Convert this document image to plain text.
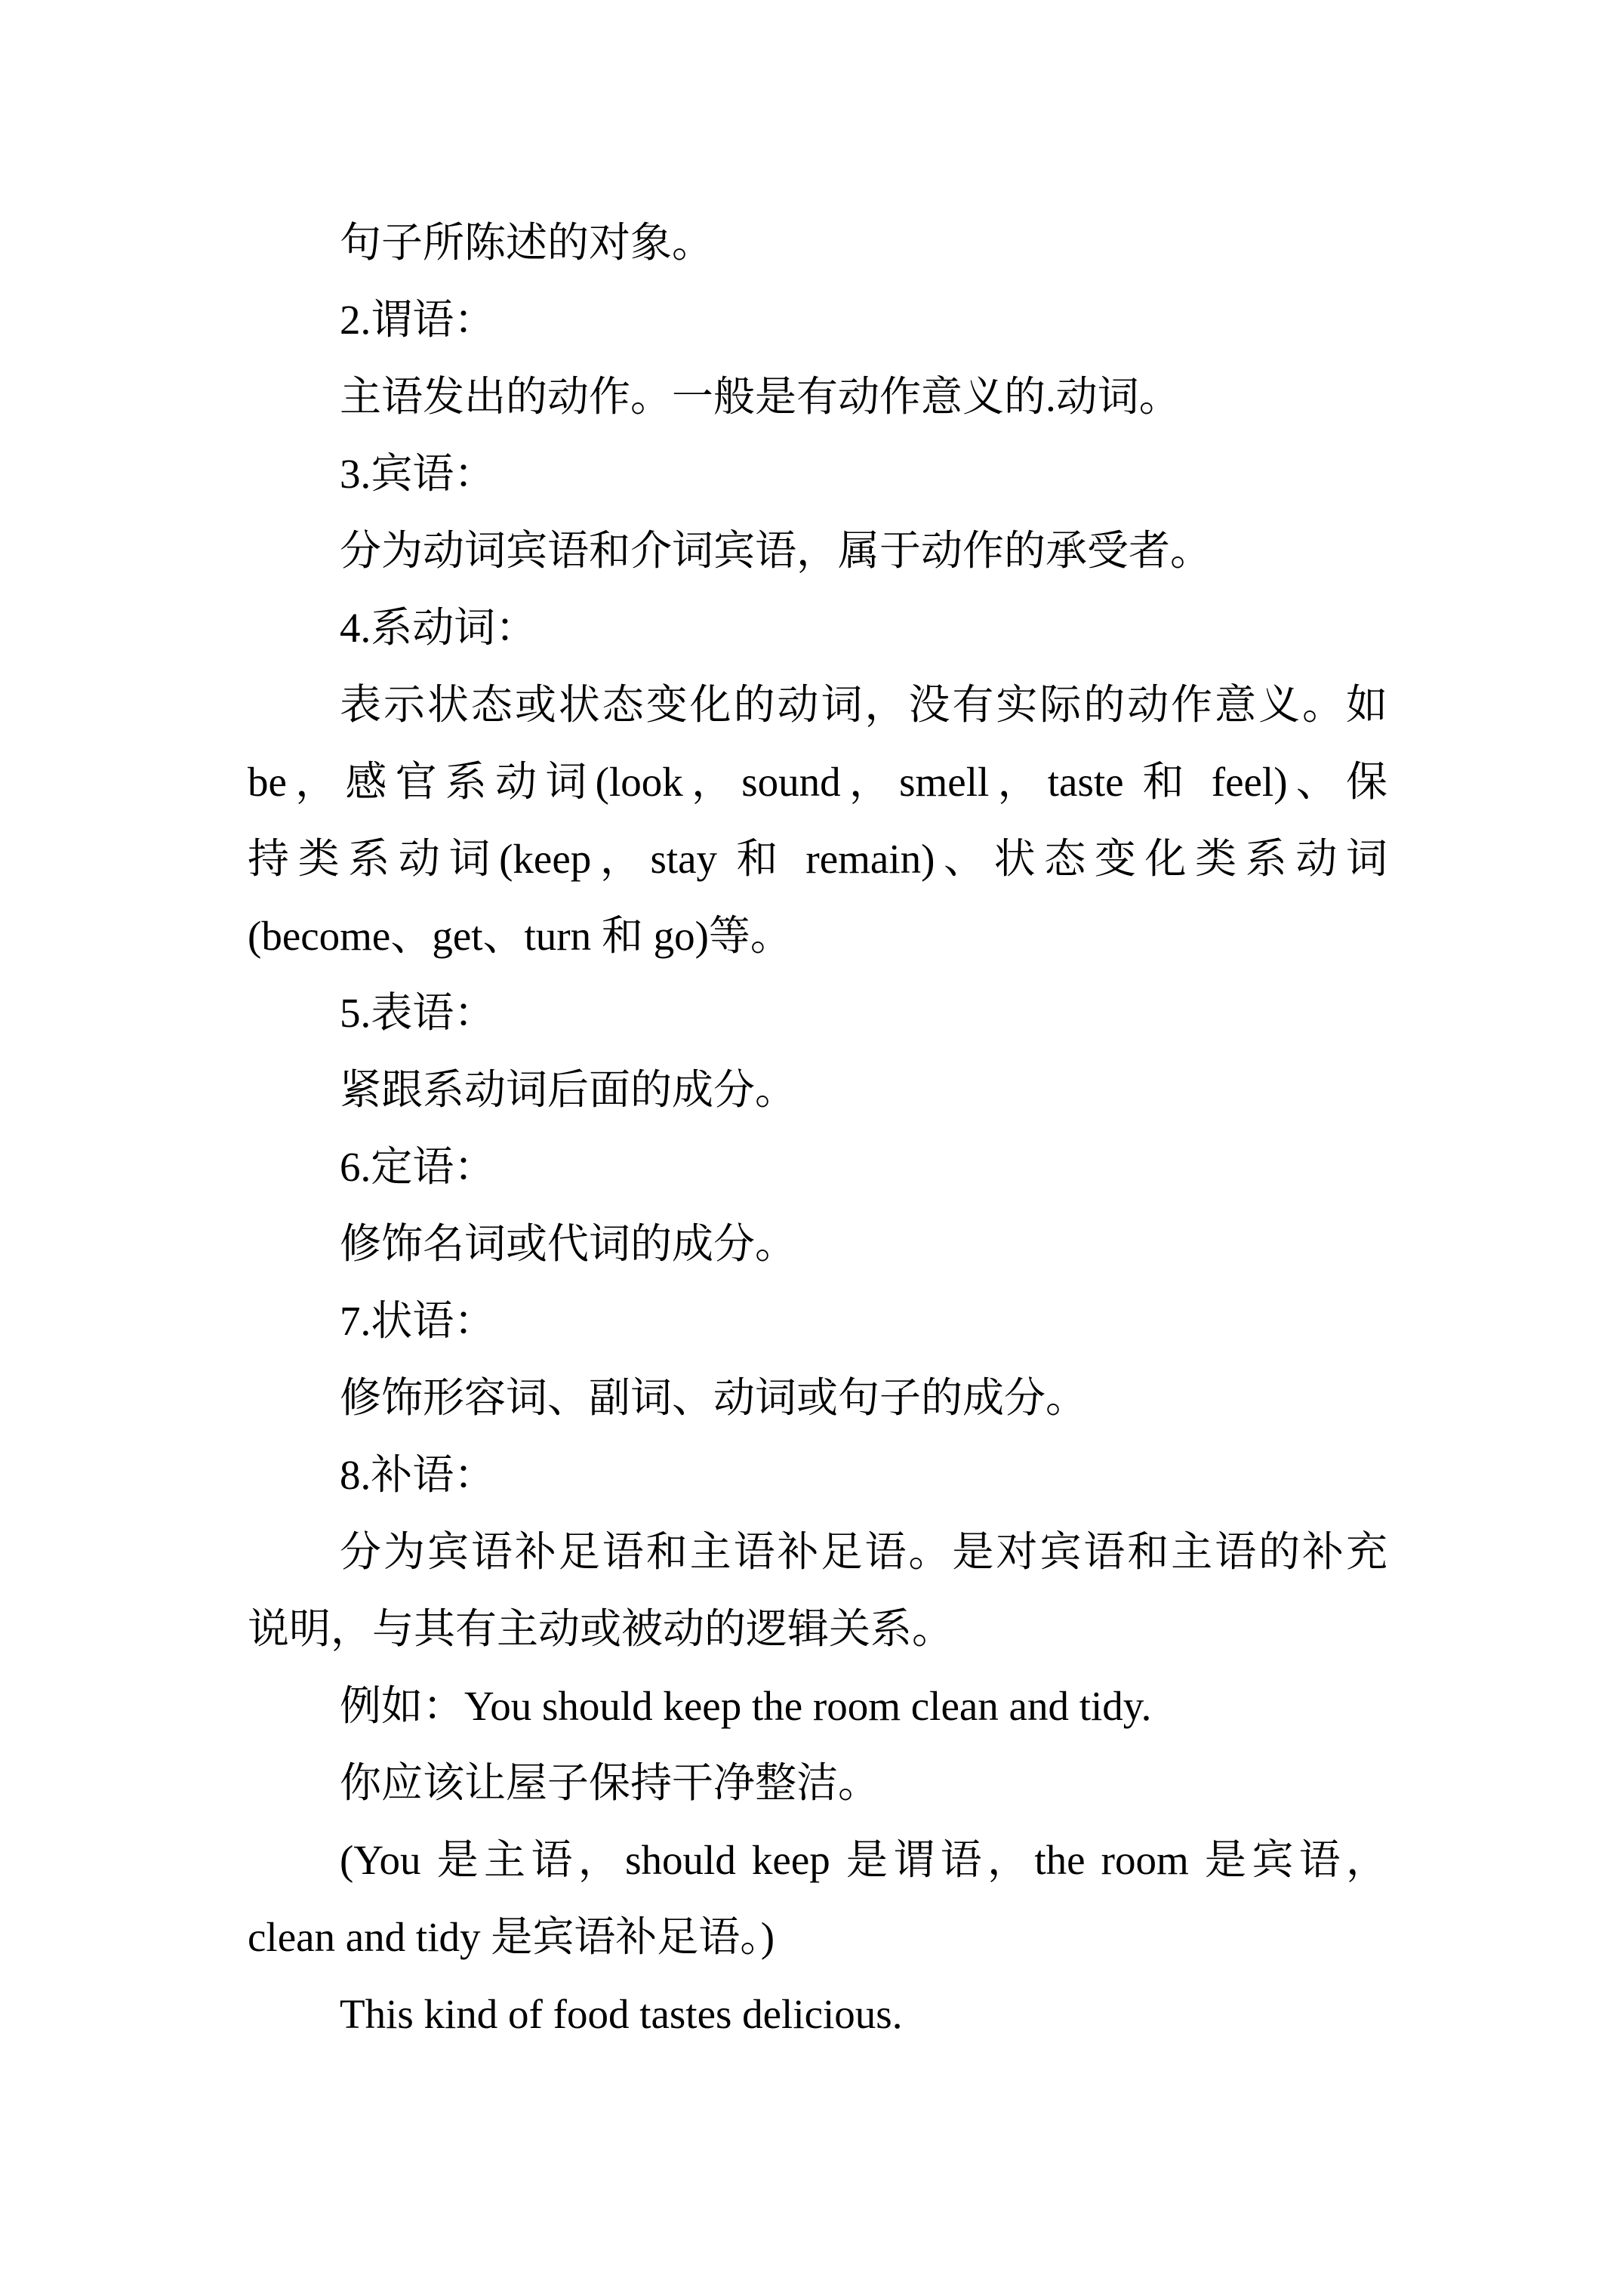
句子所陈述的对象。
2.谓语：
主语发出的动作。一般是有动作意义的.动词。
3.宾语：
分为动词宾语和介词宾语，属于动作的承受者。
4.系动词：
表示状态或状态变化的动词，没有实际的动作意义。如
be，感官系动词(look，sound，smell，taste 和 feel)、保
持类系动词(keep，stay 和 remain)、状态变化类系动词
(become、get、turn 和 go)等。
5.表语：
紧跟系动词后面的成分。
6.定语：
修饰名词或代词的成分。
7.状语：
修饰形容词、副词、动词或句子的成分。
8.补语：
分为宾语补足语和主语补足语。是对宾语和主语的补充
说明，与其有主动或被动的逻辑关系。
例如：You should keep the room clean and tidy.
你应该让屋子保持干净整洁。
(You 是主语，should keep 是谓语，the room 是宾语，
clean and tidy 是宾语补足语。)
This kind of food tastes delicious.
